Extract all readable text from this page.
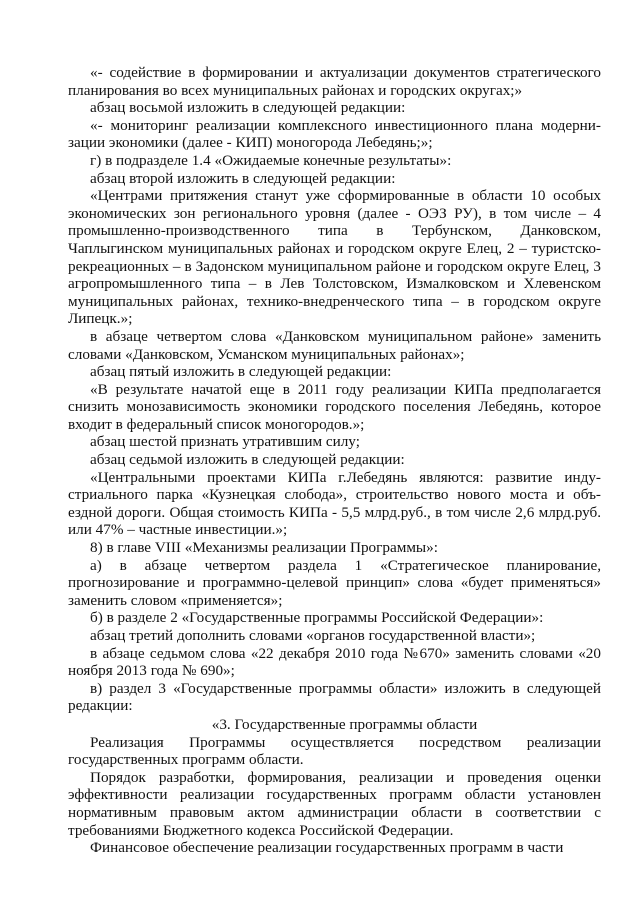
«- содействие в формировании и актуализации документов стратегического планирования во всех муниципальных районах и городских округах;»

абзац восьмой изложить в следующей редакции:

«- мониторинг реализации комплексного инвестиционного плана модерни-зации экономики (далее - КИП) моногорода Лебедянь;»;

г) в подразделе 1.4 «Ожидаемые конечные результаты»:

абзац второй изложить в следующей редакции:

«Центрами притяжения станут уже сформированные в области 10 особых экономических зон регионального уровня (далее - ОЭЗ РУ), в том числе – 4 промышленно-производственного типа в Тербунском, Данковском, Чаплыгинском муниципальных районах и городском округе Елец, 2 – туристско-рекреационных – в Задонском муниципальном районе и городском округе Елец, 3 агропромышленного типа – в Лев Толстовском, Измалковском и Хлевенском муниципальных районах, технико-внедренческого типа – в городском округе Липецк.»;

в абзаце четвертом слова «Данковском муниципальном районе» заменить словами «Данковском, Усманском муниципальных районах»;

абзац пятый изложить в следующей редакции:

«В результате начатой еще в 2011 году реализации КИПа предполагается снизить монозависимость экономики городского поселения Лебедянь, которое входит в федеральный список моногородов.»;

абзац шестой признать утратившим силу;

абзац седьмой изложить в следующей редакции:

«Центральными проектами КИПа г.Лебедянь являются: развитие инду-стриального парка «Кузнецкая слобода», строительство нового моста и объ-ездной дороги. Общая стоимость КИПа - 5,5 млрд.руб., в том числе 2,6 млрд.руб. или 47% – частные инвестиции.»;

8) в главе VIII «Механизмы реализации Программы»:

а) в абзаце четвертом раздела 1 «Стратегическое планирование, прогнозирование и программно-целевой принцип» слова «будет применяться» заменить словом «применяется»;

б) в разделе 2 «Государственные программы Российской Федерации»:

абзац третий дополнить словами «органов государственной власти»;

в абзаце седьмом слова «22 декабря 2010 года №670» заменить словами «20 ноября 2013 года № 690»;

в) раздел 3 «Государственные программы области» изложить в следующей редакции:

«3. Государственные программы области

Реализация Программы осуществляется посредством реализации государственных программ области.

Порядок разработки, формирования, реализации и проведения оценки эффективности реализации государственных программ области установлен нормативным правовым актом администрации области в соответствии с требованиями Бюджетного кодекса Российской Федерации.

Финансовое обеспечение реализации государственных программ в части
